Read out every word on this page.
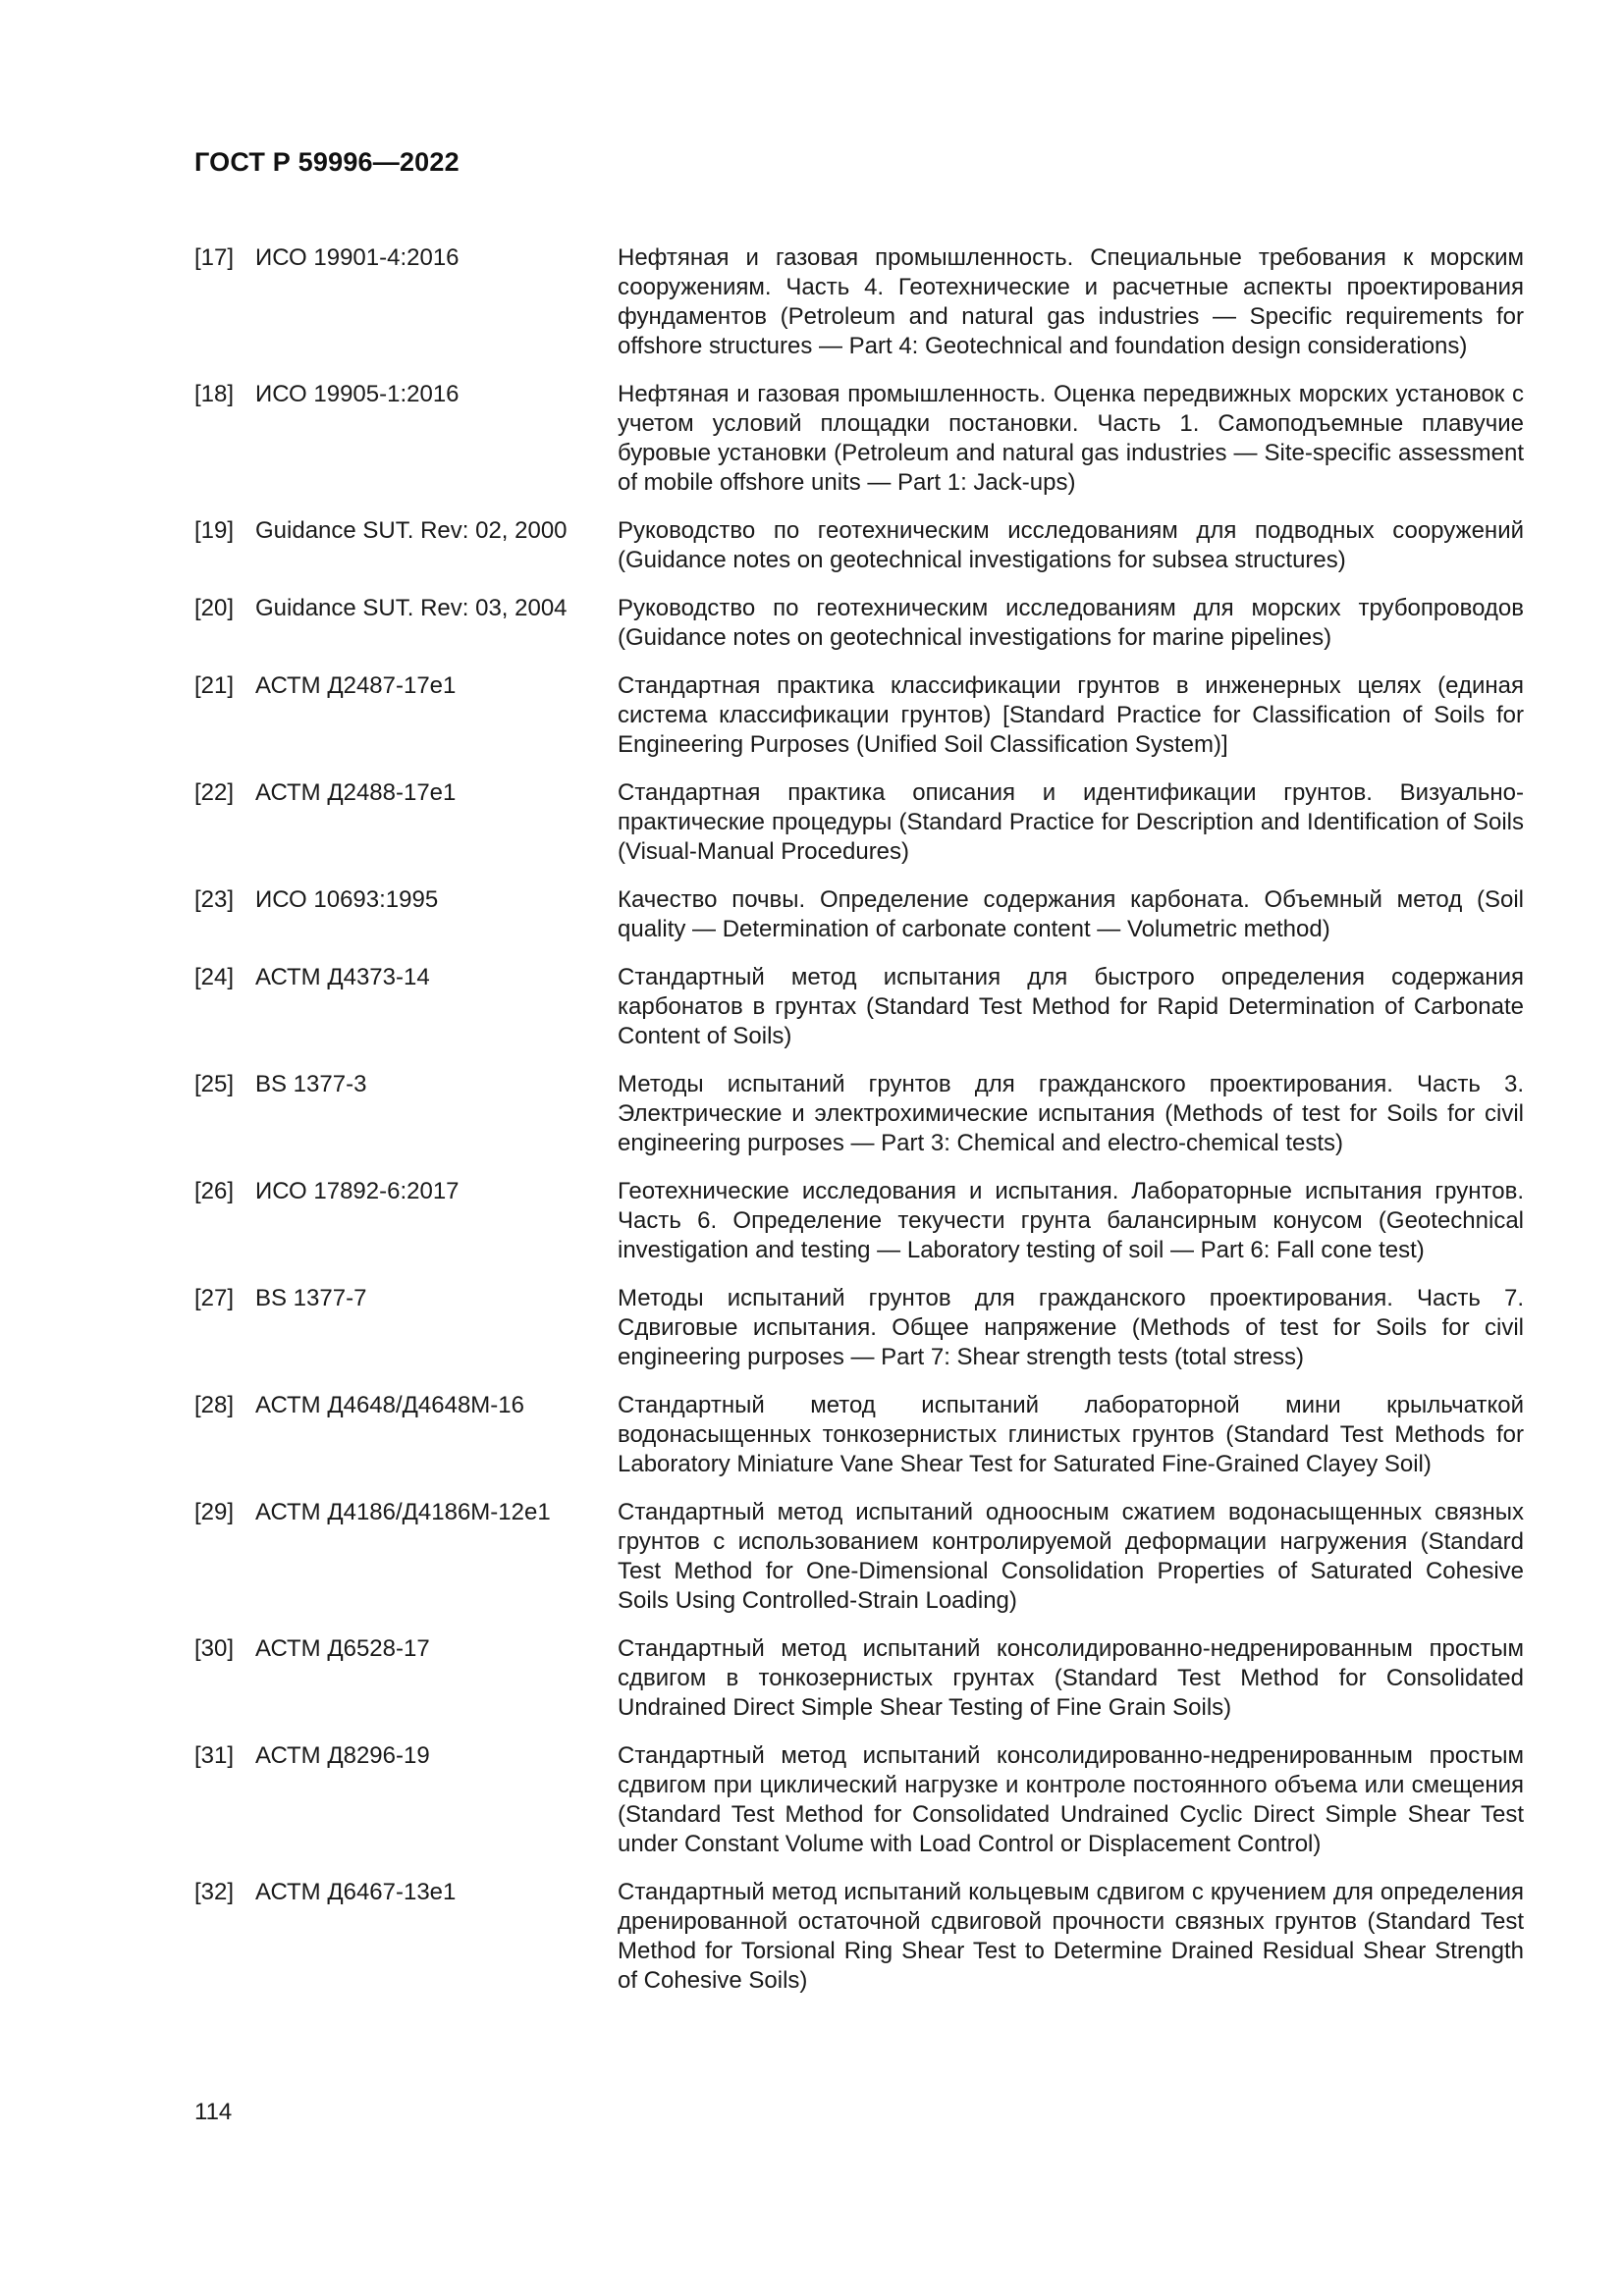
ГОСТ Р 59996—2022
[17] ИСО 19901-4:2016	Нефтяная и газовая промышленность. Специальные требования к морским сооружениям. Часть 4. Геотехнические и расчетные аспекты проектирования фундаментов (Petroleum and natural gas industries — Specific requirements for offshore structures — Part 4: Geotechnical and foundation design considerations)
[18] ИСО 19905-1:2016	Нефтяная и газовая промышленность. Оценка передвижных морских установок с учетом условий площадки постановки. Часть 1. Самоподъемные плавучие буровые установки (Petroleum and natural gas industries — Site-specific assessment of mobile offshore units — Part 1: Jack-ups)
[19] Guidance SUT. Rev: 02, 2000 Руководство по геотехническим исследованиям для подводных сооружений (Guidance notes on geotechnical investigations for subsea structures)
[20] Guidance SUT. Rev: 03, 2004 Руководство по геотехническим исследованиям для морских трубопроводов (Guidance notes on geotechnical investigations for marine pipelines)
[21] АСТМ Д2487-17е1	Стандартная практика классификации грунтов в инженерных целях (единая система классификации грунтов) [Standard Practice for Classification of Soils for Engineering Purposes (Unified Soil Classification System)]
[22] АСТМ Д2488-17е1	Стандартная практика описания и идентификации грунтов. Визуально-практические процедуры (Standard Practice for Description and Identification of Soils (Visual-Manual Procedures)
[23] ИСО 10693:1995	Качество почвы. Определение содержания карбоната. Объемный метод (Soil quality — Determination of carbonate content — Volumetric method)
[24] АСТМ Д4373-14	Стандартный метод испытания для быстрого определения содержания карбонатов в грунтах (Standard Test Method for Rapid Determination of Carbonate Content of Soils)
[25] BS 1377-3	Методы испытаний грунтов для гражданского проектирования. Часть 3. Электрические и электрохимические испытания (Methods of test for Soils for civil engineering purposes — Part 3: Chemical and electro-chemical tests)
[26] ИСО 17892-6:2017	Геотехнические исследования и испытания. Лабораторные испытания грунтов. Часть 6. Определение текучести грунта балансирным конусом (Geotechnical investigation and testing — Laboratory testing of soil — Part 6: Fall cone test)
[27] BS 1377-7	Методы испытаний грунтов для гражданского проектирования. Часть 7. Сдвиговые испытания. Общее напряжение (Methods of test for Soils for civil engineering purposes — Part 7: Shear strength tests (total stress)
[28] АСТМ Д4648/Д4648М-16	Стандартный метод испытаний лабораторной мини крыльчаткой водонасыщенных тонкозернистых глинистых грунтов (Standard Test Methods for Laboratory Miniature Vane Shear Test for Saturated Fine-Grained Clayey Soil)
[29] АСТМ Д4186/Д4186М-12е1	Стандартный метод испытаний одноосным сжатием водонасыщенных связных грунтов с использованием контролируемой деформации нагружения (Standard Test Method for One-Dimensional Consolidation Properties of Saturated Cohesive Soils Using Controlled-Strain Loading)
[30] АСТМ Д6528-17	Стандартный метод испытаний консолидированно-недренированным простым сдвигом в тонкозернистых грунтах (Standard Test Method for Consolidated Undrained Direct Simple Shear Testing of Fine Grain Soils)
[31] АСТМ Д8296-19	Стандартный метод испытаний консолидированно-недренированным простым сдвигом при циклический нагрузке и контроле постоянного объема или смещения (Standard Test Method for Consolidated Undrained Cyclic Direct Simple Shear Test under Constant Volume with Load Control or Displacement Control)
[32] АСТМ Д6467-13е1	Стандартный метод испытаний кольцевым сдвигом с кручением для определения дренированной остаточной сдвиговой прочности связных грунтов (Standard Test Method for Torsional Ring Shear Test to Determine Drained Residual Shear Strength of Cohesive Soils)
114
